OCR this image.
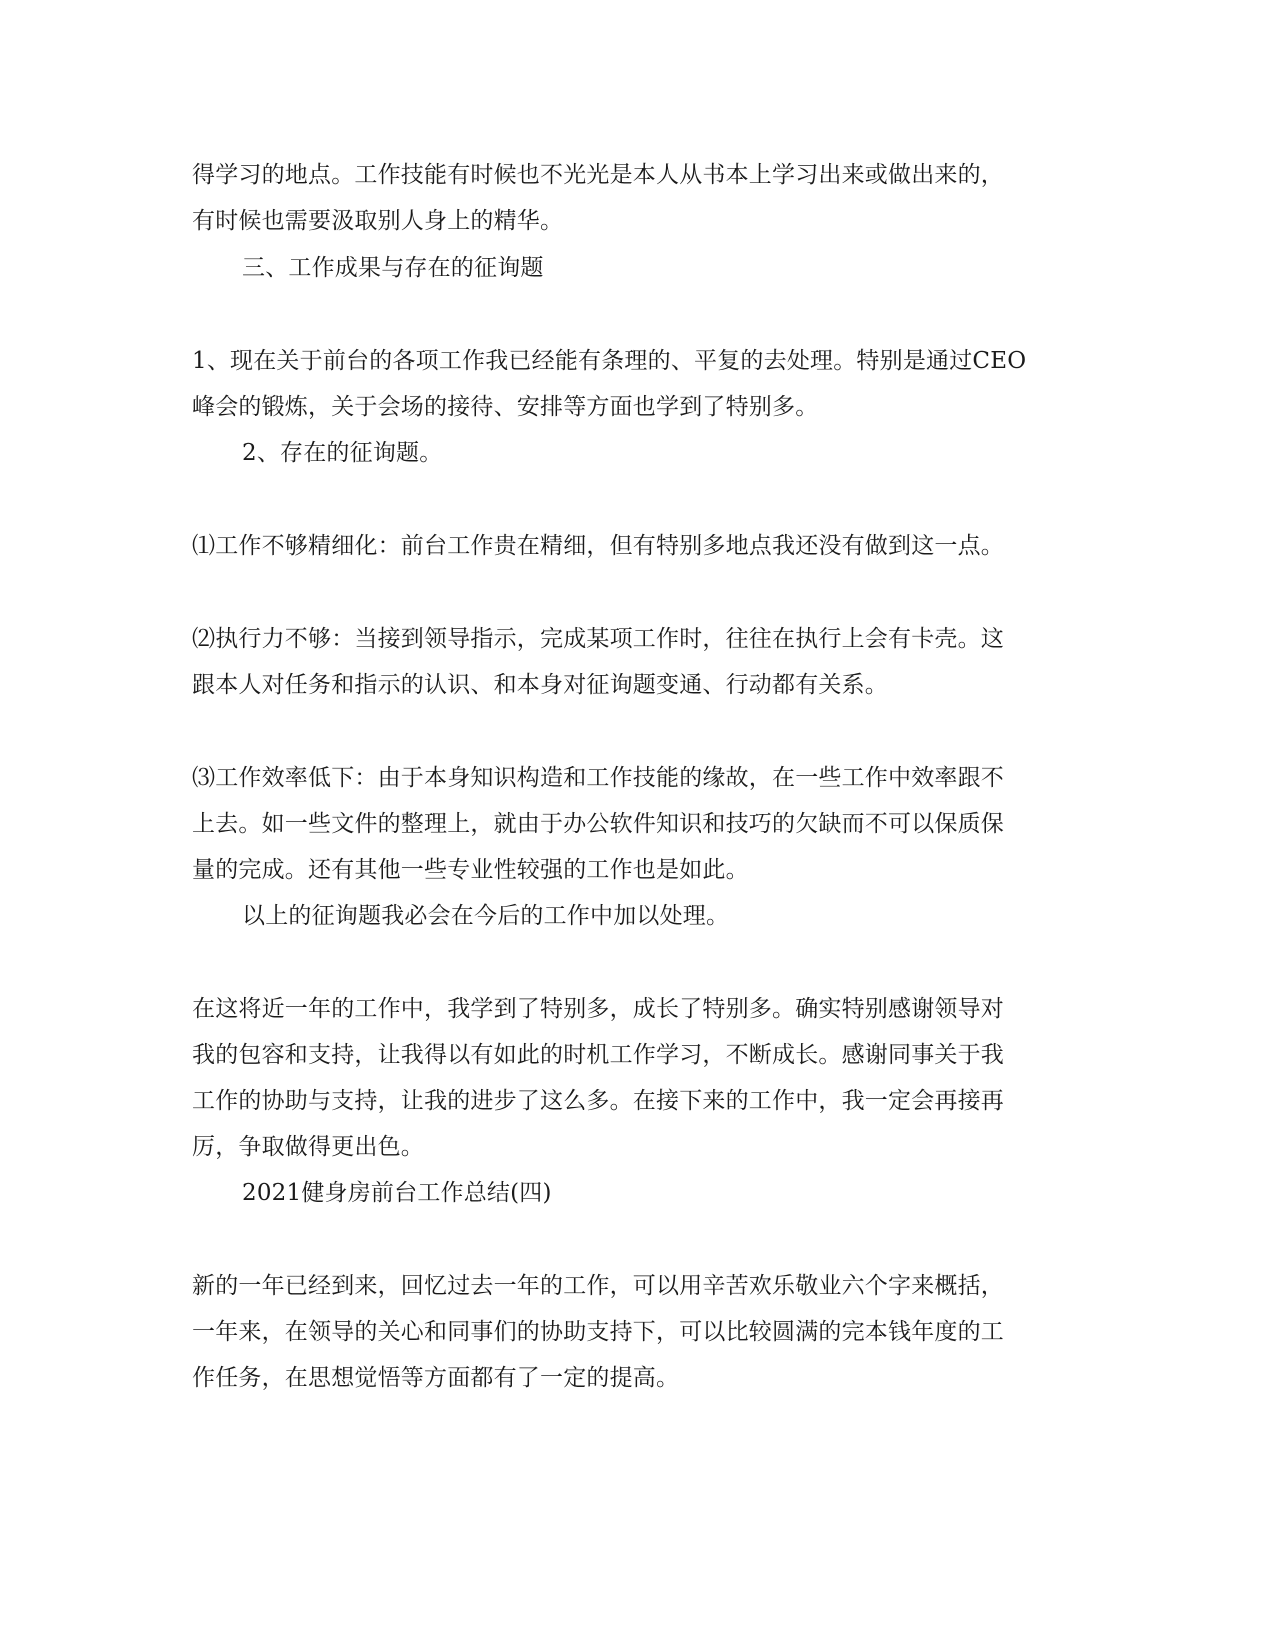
得学习的地点。工作技能有时候也不光光是本人从书本上学习出来或做出来的，
有时候也需要汲取别人身上的精华。
三、工作成果与存在的征询题
1、现在关于前台的各项工作我已经能有条理的、平复的去处理。特别是通过CEO
峰会的锻炼，关于会场的接待、安排等方面也学到了特别多。
2、存在的征询题。
⑴工作不够精细化：前台工作贵在精细，但有特别多地点我还没有做到这一点。
⑵执行力不够：当接到领导指示，完成某项工作时，往往在执行上会有卡壳。这
跟本人对任务和指示的认识、和本身对征询题变通、行动都有关系。
⑶工作效率低下：由于本身知识构造和工作技能的缘故，在一些工作中效率跟不
上去。如一些文件的整理上，就由于办公软件知识和技巧的欠缺而不可以保质保
量的完成。还有其他一些专业性较强的工作也是如此。
以上的征询题我必会在今后的工作中加以处理。
在这将近一年的工作中，我学到了特别多，成长了特别多。确实特别感谢领导对
我的包容和支持，让我得以有如此的时机工作学习，不断成长。感谢同事关于我
工作的协助与支持，让我的进步了这么多。在接下来的工作中，我一定会再接再
厉，争取做得更出色。
2021健身房前台工作总结(四)
新的一年已经到来，回忆过去一年的工作，可以用辛苦欢乐敬业六个字来概括，
一年来，在领导的关心和同事们的协助支持下，可以比较圆满的完本钱年度的工
作任务，在思想觉悟等方面都有了一定的提高。
